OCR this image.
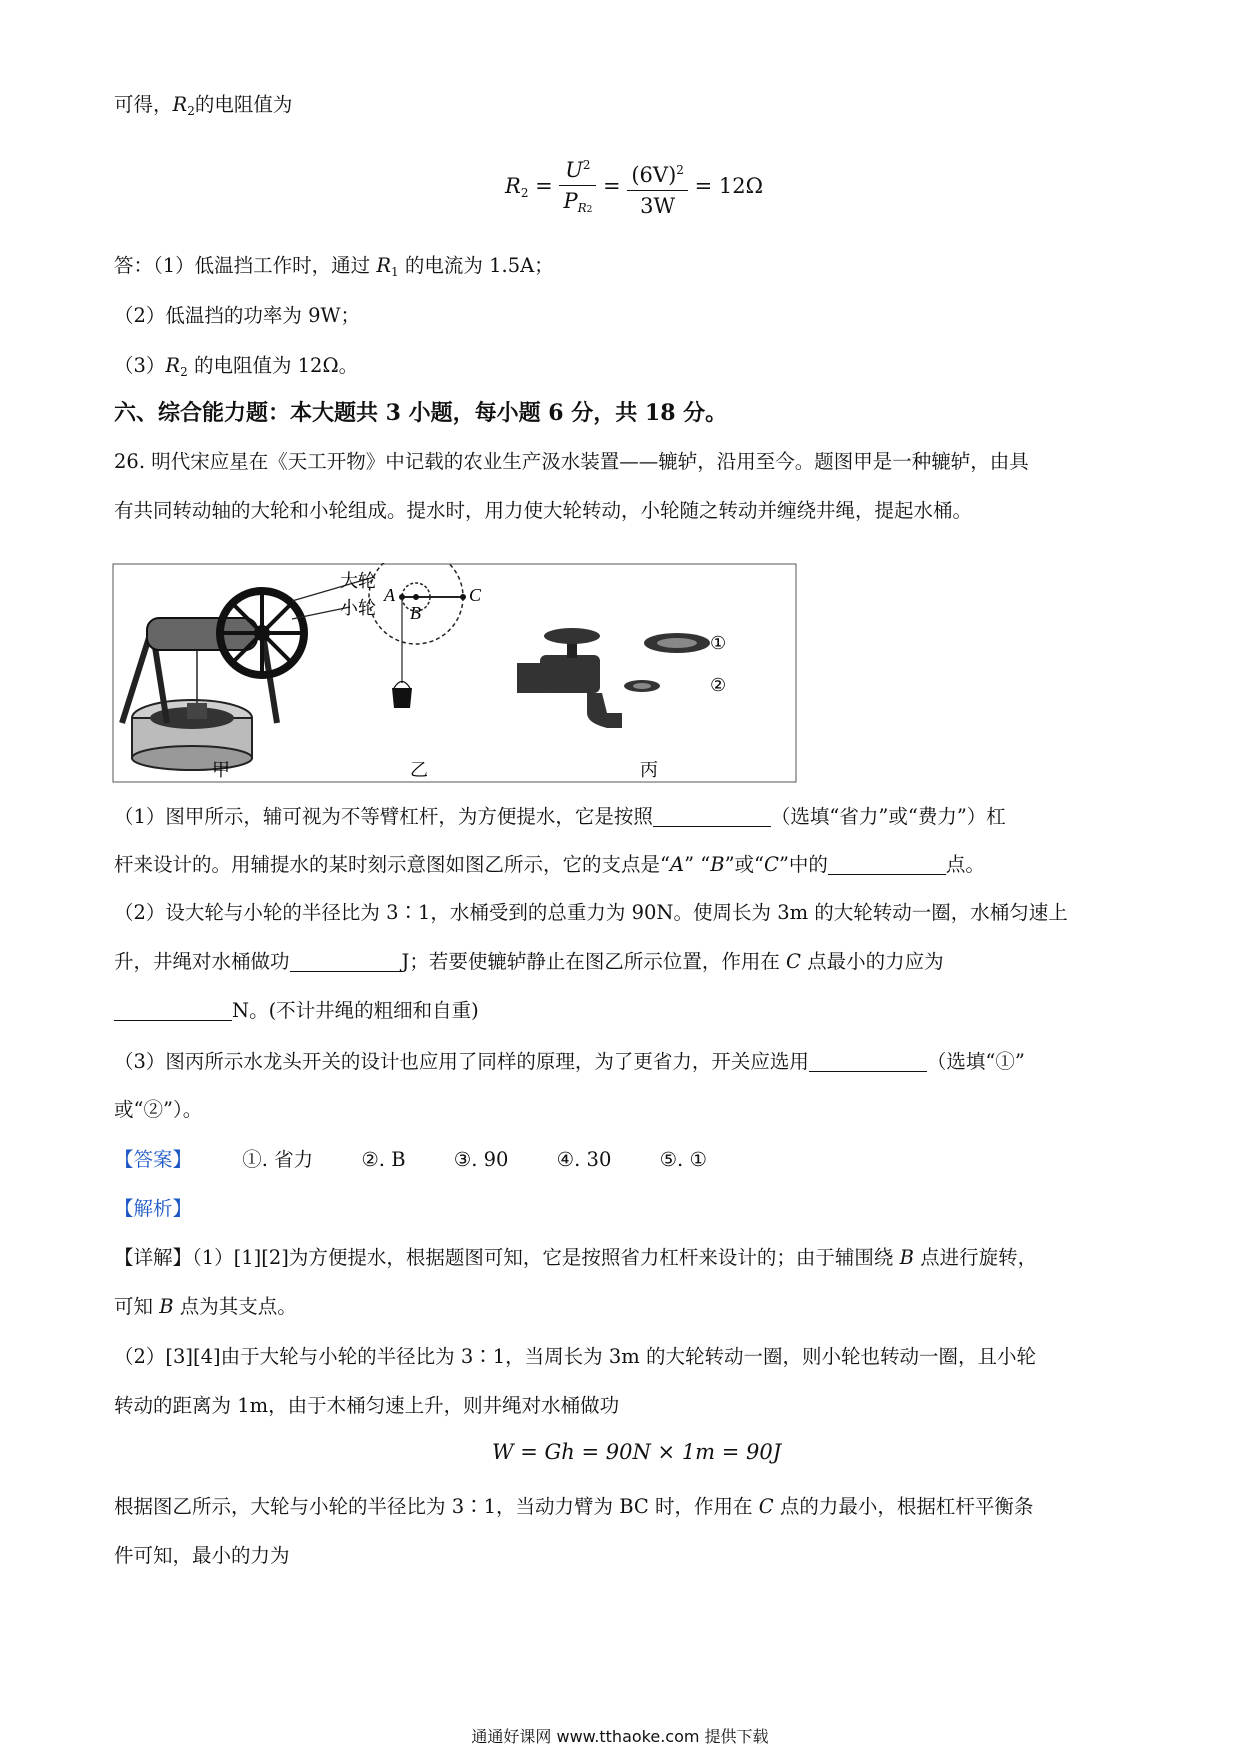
可得，$R_2$的电阻值为
$R_2 = \frac{U^2}{P_{R2}} = \frac{(6V)^2}{3W} = 12\Omega$
答：（1）低温挡工作时，通过 $R_1$ 的电流为 1.5A；
（2）低温挡的功率为 9W；
$(3)R_2$ 的电阻值为 12Ω。
六、综合能力题：本大题共 3 小题，每小题 6 分，共 18 分。
26. 明代宋应星在《天工开物》中记载的农业生产汲水装置——辘轳，沿用至今。题图甲是一种辘轳，由具
有共同转动轴的大轮和小轮组成。提水时，用力使大轮转动，小轮随之转动并缠绕井绳，提起水桶。
大轮
小轮
A
B
C
①
②
甲	乙	丙
（1）图甲所示，辅可视为不等臂杠杆，为方便提水，它是按照	（选填“省力”或“费力”）杠
杆来设计的。用辅提水的某时刻示意图如图乙所示，它的支点是“A” “B”或“C”中的	点。
（2）设大轮与小轮的半径比为 3∶1，水桶受到的总重力为 90N。使周长为 3m 的大轮转动一圈，水桶匀速上
升，井绳对水桶做功	J；若要使辘轳静止在图乙所示位置，作用在 C 点最小的力应为
N。(不计井绳的粗细和自重)
（3）图丙所示水龙头开关的设计也应用了同样的原理，为了更省力，开关应选用	（选填“①”
或“②”）。
【答案】	①. 省力 ②. B ③. 90 ④. 30 ⑤. ①
【解析】
【详解】（1）[1][2]为方便提水，根据题图可知，它是按照省力杠杆来设计的；由于辅围绕 B 点进行旋转，
可知 B 点为其支点。
（2）[3][4]由于大轮与小轮的半径比为 3∶1，当周长为 3m 的大轮转动一圈，则小轮也转动一圈，且小轮
转动的距离为 1m，由于木桶匀速上升，则井绳对水桶做功
W = Gh = 90N × 1m = 90J
根据图乙所示，大轮与小轮的半径比为 3∶1，当动力臂为 BC 时，作用在 C 点的力最小，根据杠杆平衡条
件可知，最小的力为
通通好课网 www.tthaoke.com 提供下载
